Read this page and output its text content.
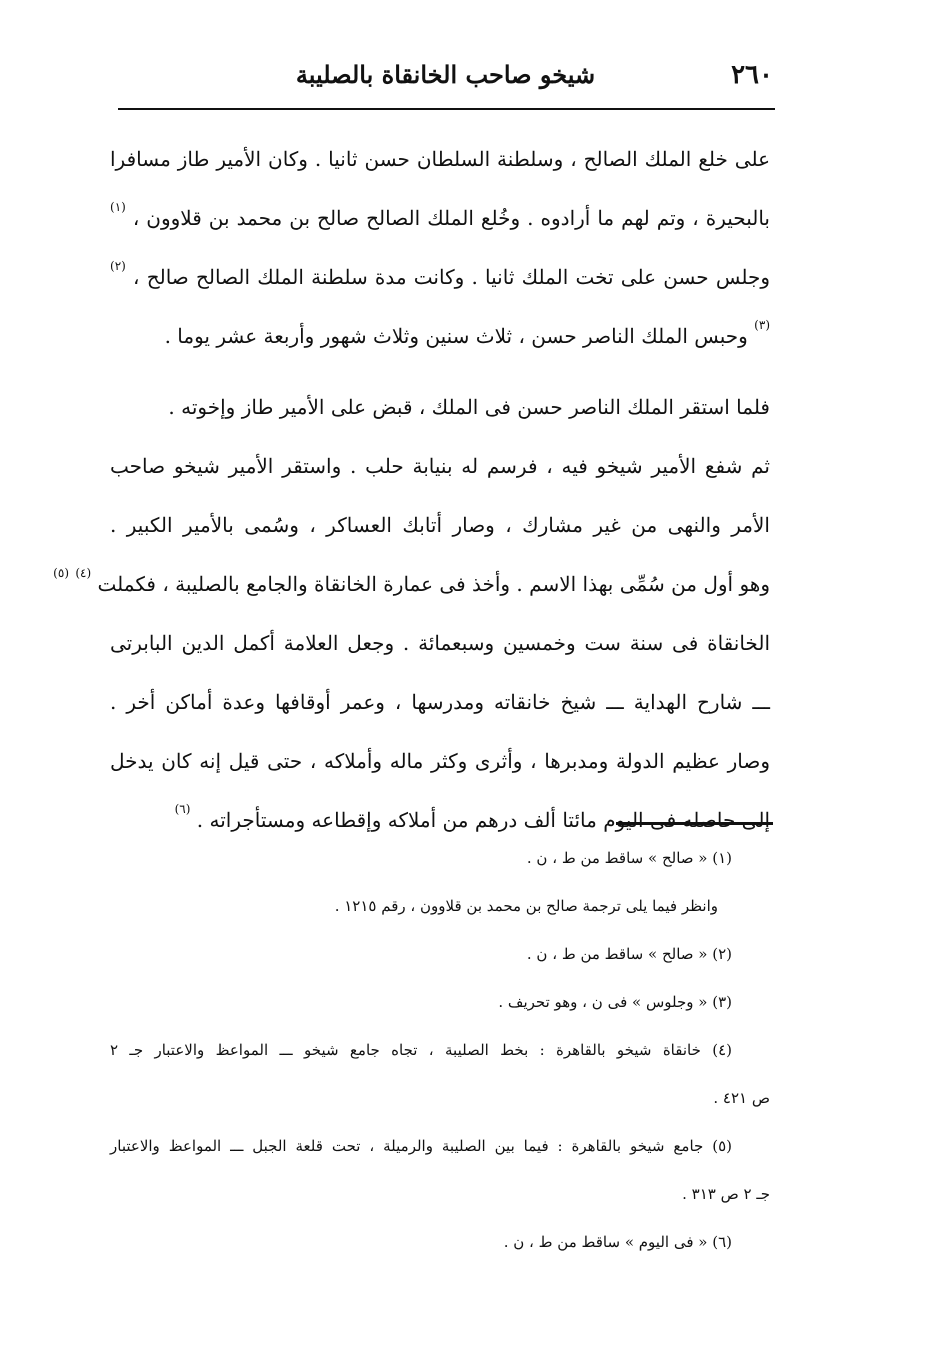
٢٦٠
شيخو صاحب الخانقاة بالصليبة
على خلع الملك الصالح ، وسلطنة السلطان حسن ثانيا . وكان الأمير طاز مسافرا
بالبحيرة ، وتم لهم ما أرادوه . وخُلع الملك الصالح صالح بن محمد بن قلاوون ، $^{(١)}$
وجلس حسن على تخت الملك ثانيا . وكانت مدة سلطنة الملك الصالح صالح ، $^{(٢)}$
$^{(٣)}$ وحبس الملك الناصر حسن ، ثلاث سنين وثلاث شهور وأربعة عشر يوما .
فلما استقر الملك الناصر حسن فى الملك ، قبض على الأمير طاز وإخوته .
ثم شفع الأمير شيخو فيه ، فرسم له بنيابة حلب . واستقر الأمير شيخو صاحب
الأمر والنهى من غير مشارك ، وصار أتابك العساكر ، وسُمى بالأمير الكبير .
وهو أول من سُمِّى بهذا الاسم . وأخذ فى عمارة الخانقاة والجامع بالصليبة ، فكملت $^{(٤)}$ $^{(٥)}$
الخانقاة فى سنة ست وخمسين وسبعمائة . وجعل العلامة أكمل الدين البابرتى
ـــ شارح الهداية ـــ شيخ خانقاته ومدرسها ، وعمر أوقافها وعدة أماكن أخر .
وصار عظيم الدولة ومدبرها ، وأثرى وكثر ماله وأملاكه ، حتى قيل إنه كان يدخل
إلى حاصله فى اليوم مائتا ألف درهم من أملاكه وإقطاعه ومستأجراته . $^{(٦)}$
(١) « صالح » ساقط من ط ، ن .
وانظر فيما يلى ترجمة صالح بن محمد بن قلاوون ، رقم ١٢١٥ .
(٢) « صالح » ساقط من ط ، ن .
(٣) « وجلوس » فى ن ، وهو تحريف .
(٤) خانقاة شيخو بالقاهرة : بخط الصليبة ، تجاه جامع شيخو ـــ المواعظ والاعتبار جـ ٢
ص ٤٢١ .
(٥) جامع شيخو بالقاهرة : فيما بين الصليبة والرميلة ، تحت قلعة الجبل ـــ المواعظ والاعتبار
جـ ٢ ص ٣١٣ .
(٦) « فى اليوم » ساقط من ط ، ن .
